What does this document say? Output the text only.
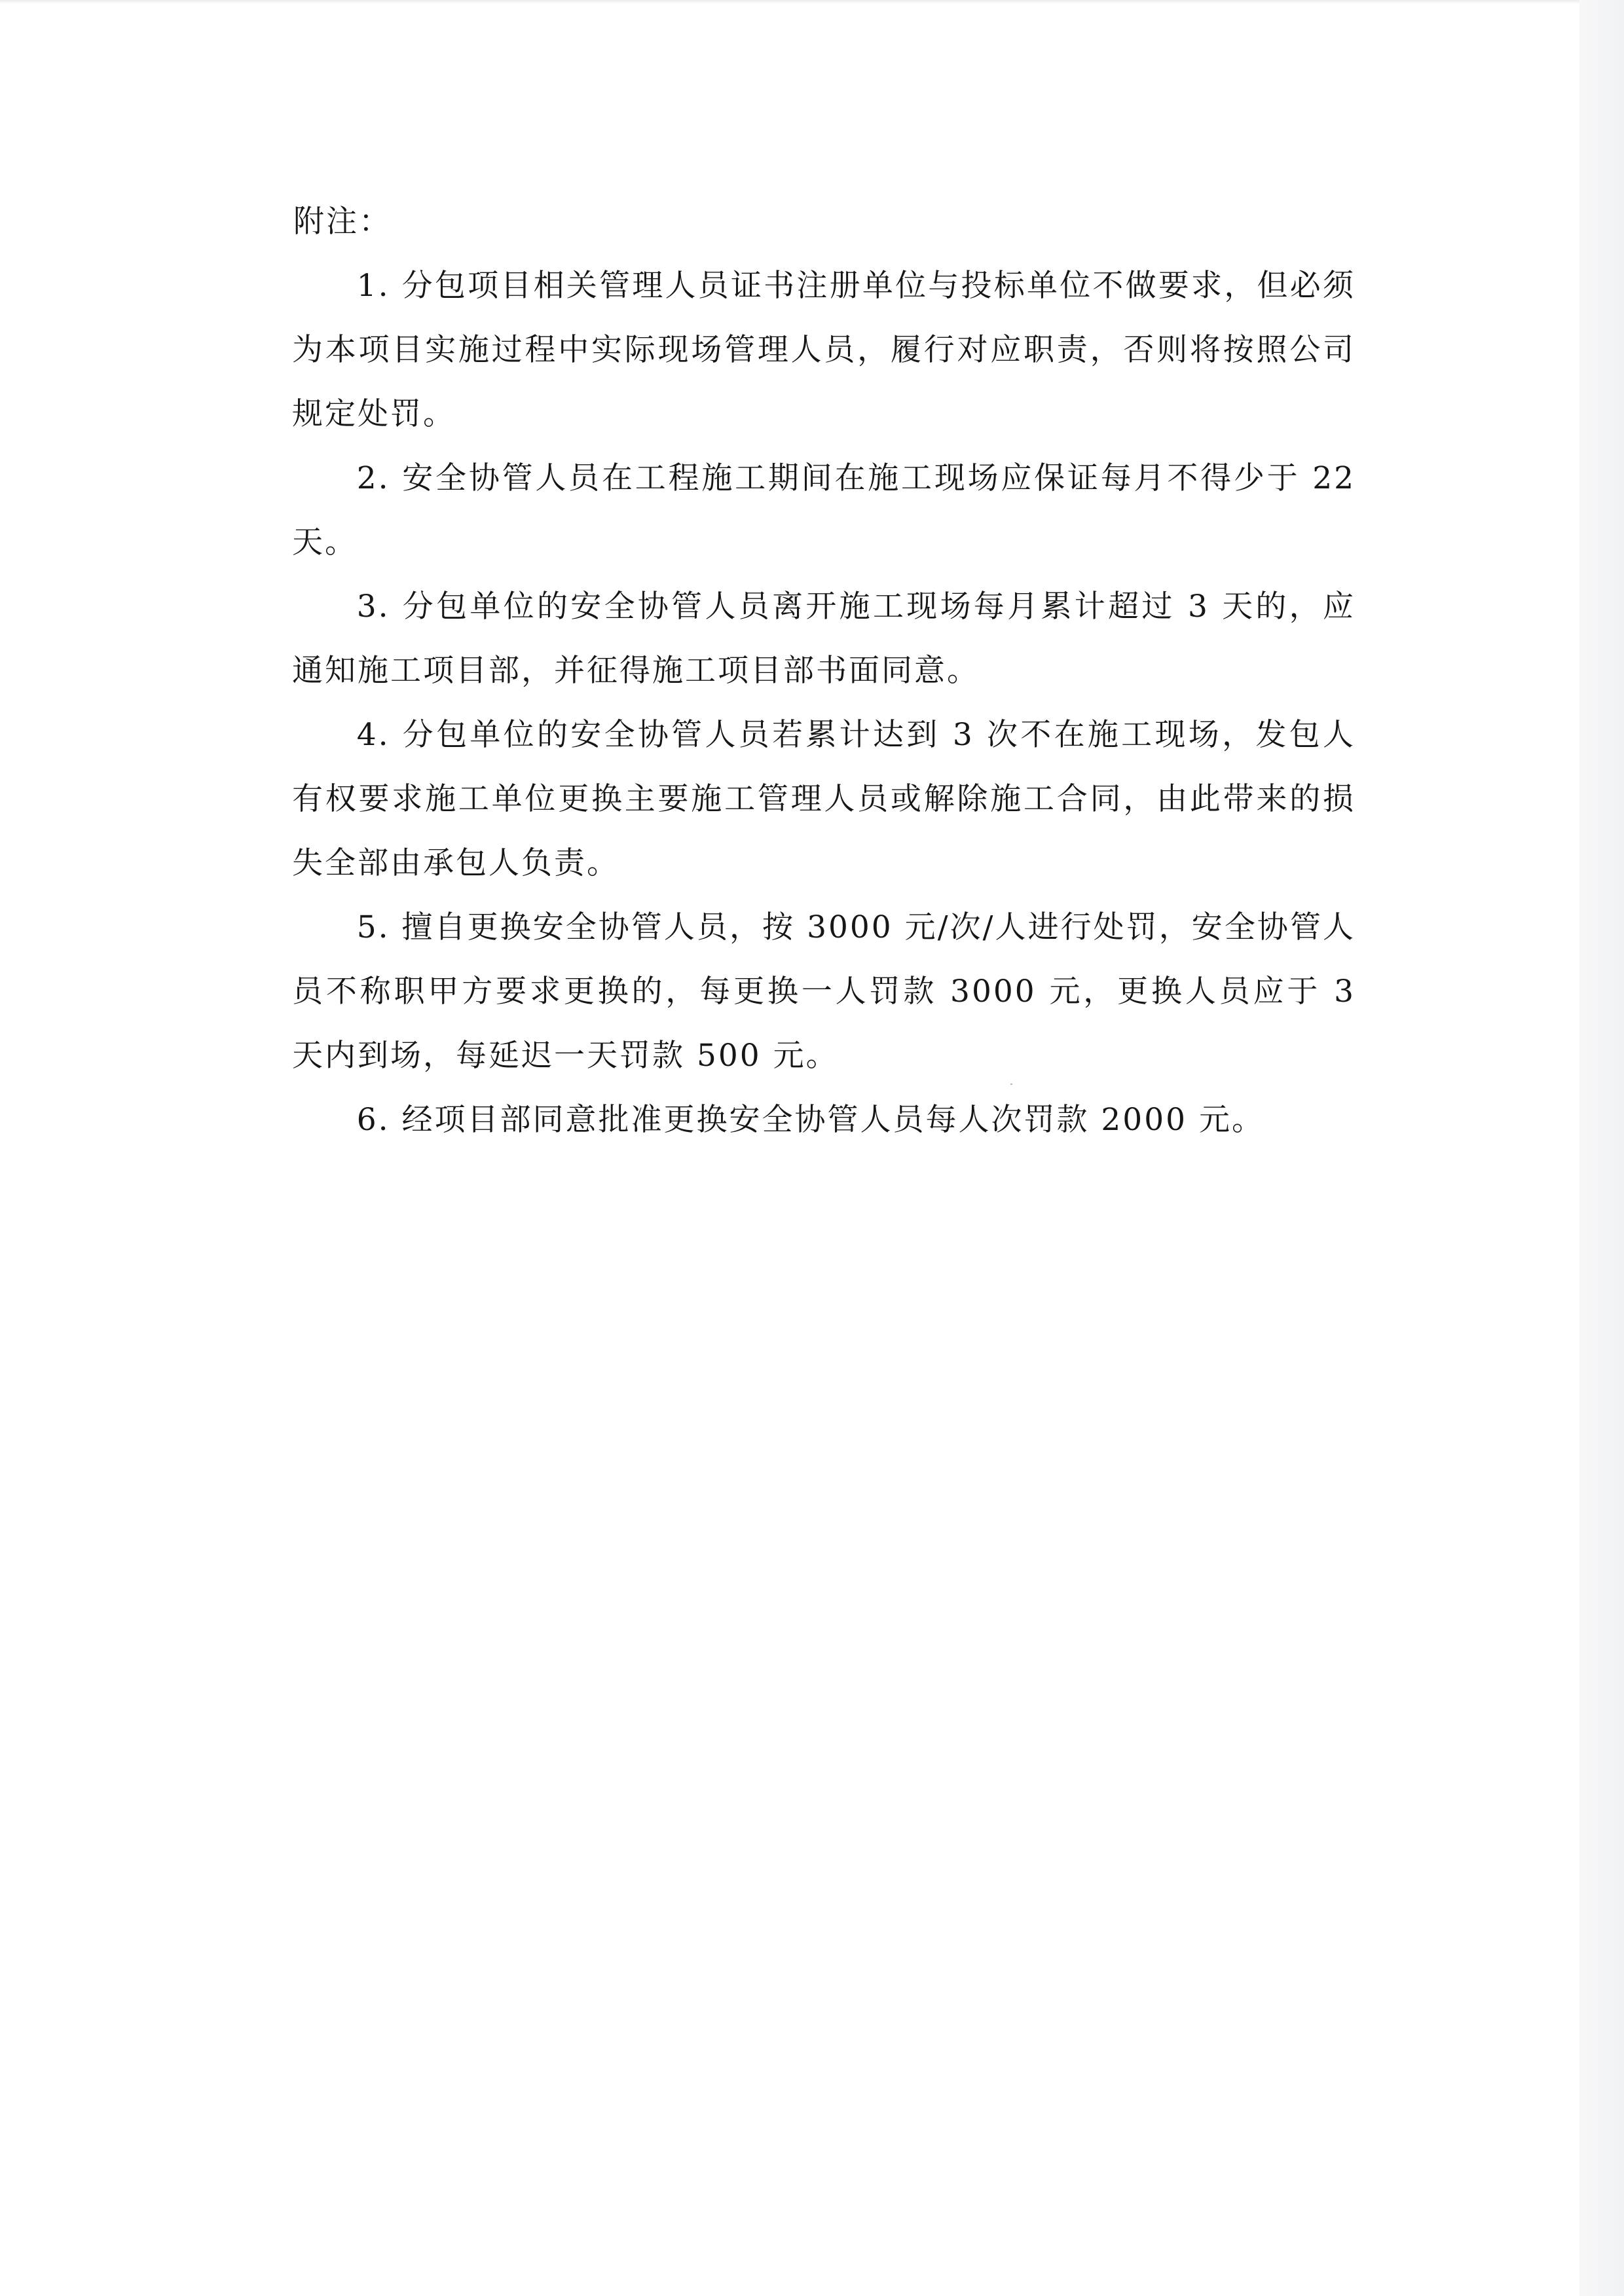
附注：

1. 分包项目相关管理人员证书注册单位与投标单位不做要求，但必须为本项目实施过程中实际现场管理人员，履行对应职责，否则将按照公司规定处罚。

2. 安全协管人员在工程施工期间在施工现场应保证每月不得少于 22 天。

3. 分包单位的安全协管人员离开施工现场每月累计超过 3 天的，应通知施工项目部，并征得施工项目部书面同意。

4. 分包单位的安全协管人员若累计达到 3 次不在施工现场，发包人有权要求施工单位更换主要施工管理人员或解除施工合同，由此带来的损失全部由承包人负责。

5. 擅自更换安全协管人员，按 3000 元/次/人进行处罚，安全协管人员不称职甲方要求更换的，每更换一人罚款 3000 元，更换人员应于 3 天内到场，每延迟一天罚款 500 元。

6. 经项目部同意批准更换安全协管人员每人次罚款 2000 元。
